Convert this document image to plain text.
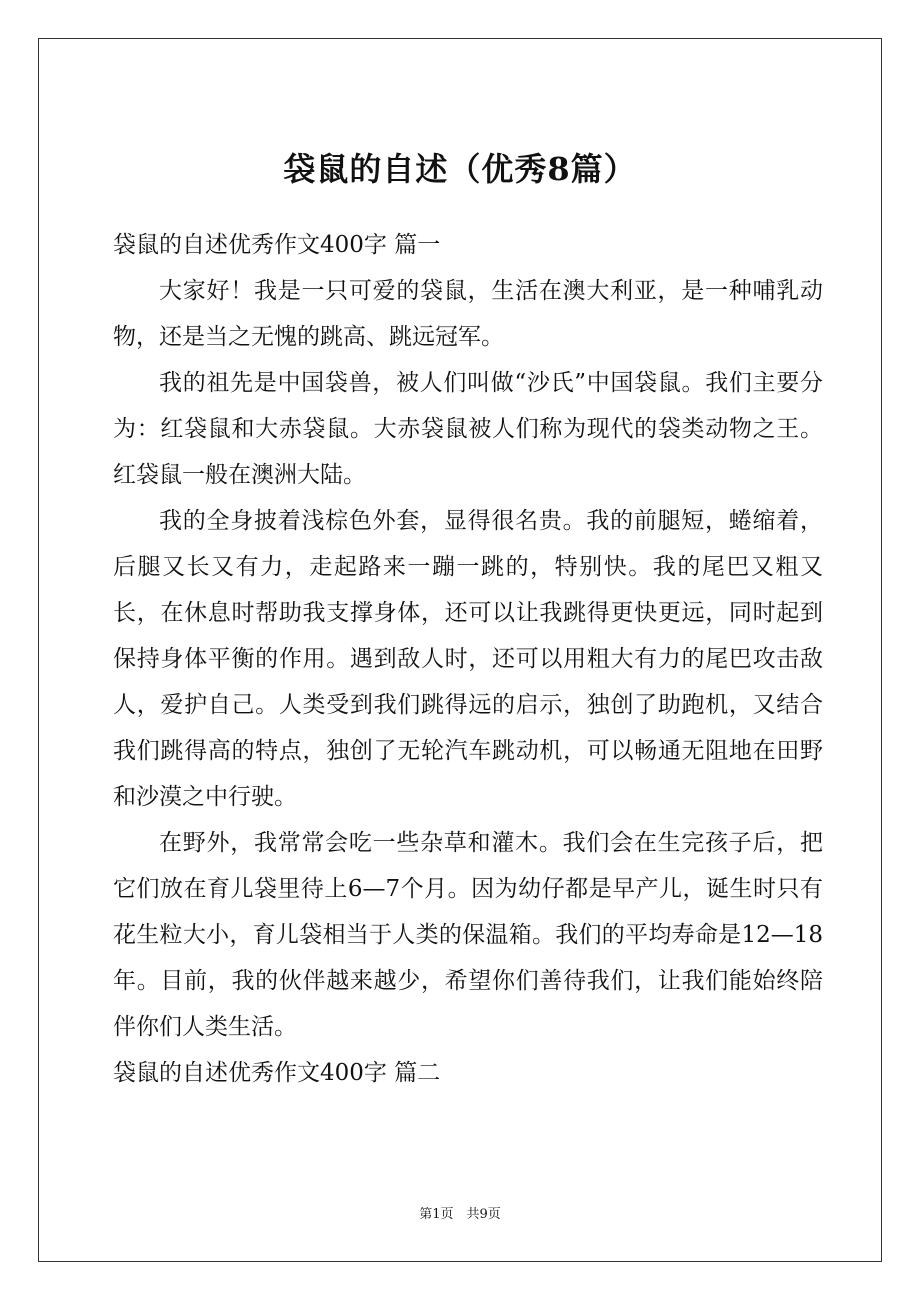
袋鼠的自述（优秀8篇）
袋鼠的自述优秀作文400字 篇一

大家好！我是一只可爱的袋鼠，生活在澳大利亚，是一种哺乳动物，还是当之无愧的跳高、跳远冠军。

我的祖先是中国袋兽，被人们叫做“沙氏”中国袋鼠。我们主要分为：红袋鼠和大赤袋鼠。大赤袋鼠被人们称为现代的袋类动物之王。红袋鼠一般在澳洲大陆。

我的全身披着浅棕色外套，显得很名贵。我的前腿短，蜷缩着，后腿又长又有力，走起路来一蹦一跳的，特别快。我的尾巴又粗又长，在休息时帮助我支撑身体，还可以让我跳得更快更远，同时起到保持身体平衡的作用。遇到敌人时，还可以用粗大有力的尾巴攻击敌人，爱护自己。人类受到我们跳得远的启示，独创了助跑机，又结合我们跳得高的特点，独创了无轮汽车跳动机，可以畅通无阻地在田野和沙漠之中行驶。

在野外，我常常会吃一些杂草和灌木。我们会在生完孩子后，把它们放在育儿袋里待上6—7个月。因为幼仔都是早产儿，诞生时只有花生粒大小，育儿袋相当于人类的保温箱。我们的平均寿命是12—18年。目前，我的伙伴越来越少，希望你们善待我们，让我们能始终陪伴你们人类生活。

袋鼠的自述优秀作文400字 篇二
第1页　共9页
